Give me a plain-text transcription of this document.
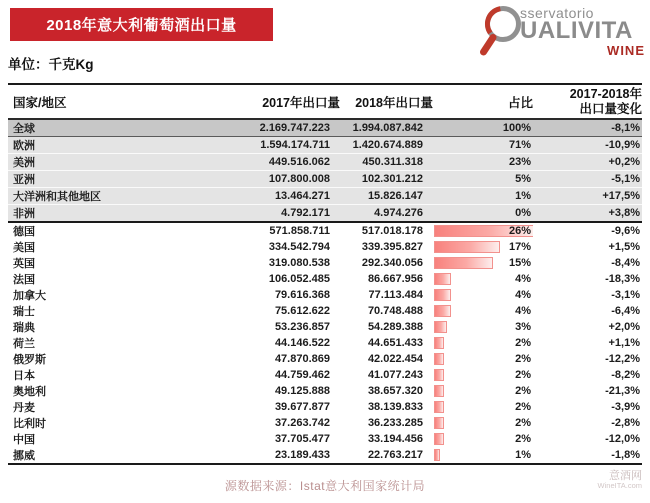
2018年意大利葡萄酒出口量
sservatorio
UALIVITA
WINE
单位：千克Kg
国家/地区	2017年出口量	2018年出口量	占比	2017-2018年
出口量变化

全球	2.169.747.223	1.994.087.842	100%	-8,1%
欧洲	1.594.174.711	1.420.674.889	71%	-10,9%
美洲	449.516.062	450.311.318	23%	+0,2%
亚洲	107.800.008	102.301.212	5%	-5,1%
大洋洲和其他地区	13.464.271	15.826.147	1%	+17,5%
非洲	4.792.171	4.974.276	0%	+3,8%
德国	571.858.711	517.018.178	26%	-9,6%
美国	334.542.794	339.395.827	17%	+1,5%
英国	319.080.538	292.340.056	15%	-8,4%
法国	106.052.485	86.667.956	4%	-18,3%
加拿大	79.616.368	77.113.484	4%	-3,1%
瑞士	75.612.622	70.748.488	4%	-6,4%
瑞典	53.236.857	54.289.388	3%	+2,0%
荷兰	44.146.522	44.651.433	2%	+1,1%
俄罗斯	47.870.869	42.022.454	2%	-12,2%
日本	44.759.462	41.077.243	2%	-8,2%
奥地利	49.125.888	38.657.320	2%	-21,3%
丹麦	39.677.877	38.139.833	2%	-3,9%
比利时	37.263.742	36.233.285	2%	-2,8%
中国	37.705.477	33.194.456	2%	-12,0%
挪威	23.189.433	22.763.217	1%	-1,8%
源数据来源：Istat意大利国家统计局
意酒网
WineITA.com
